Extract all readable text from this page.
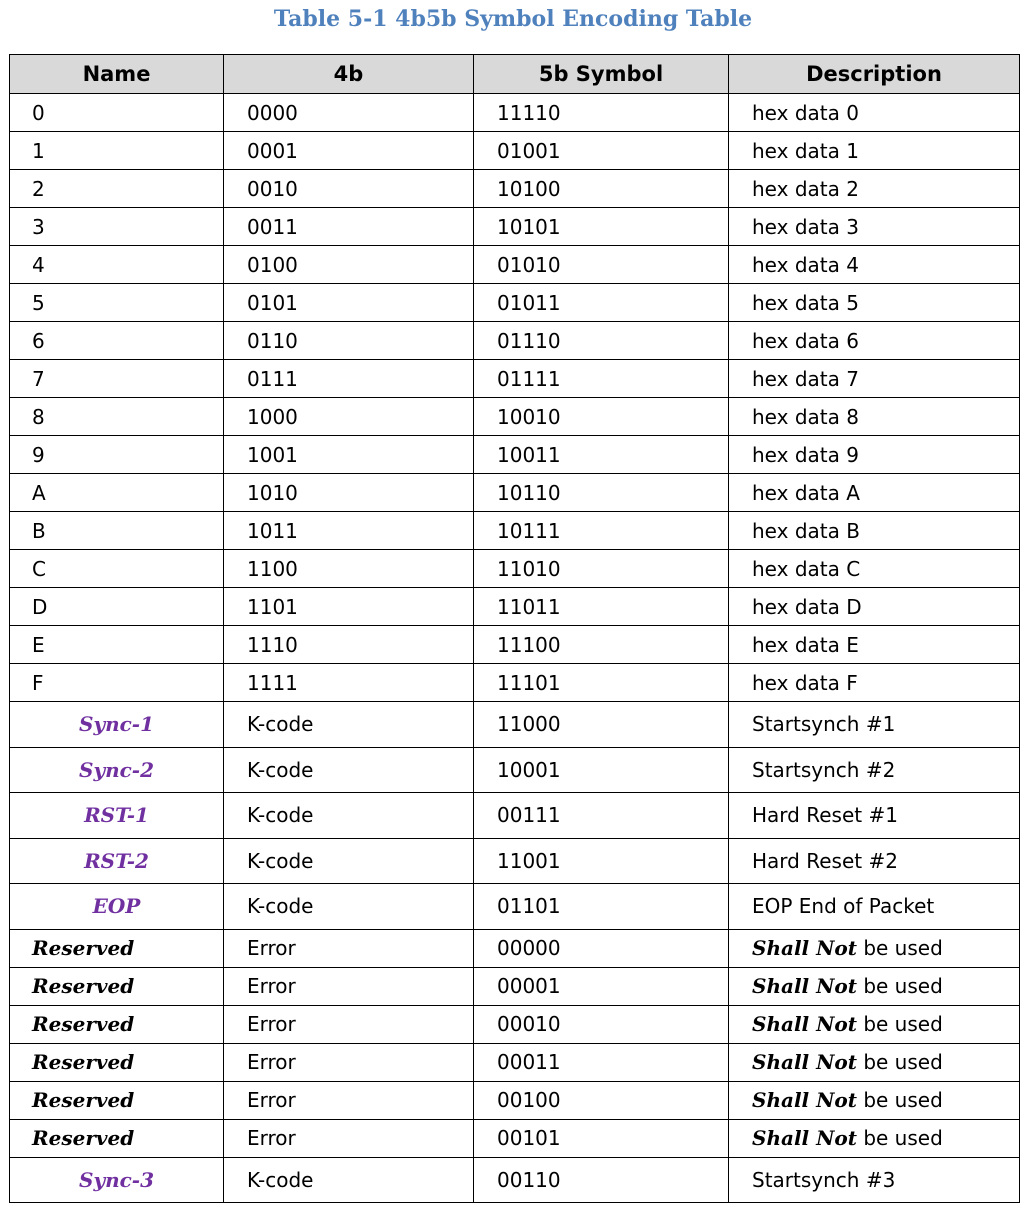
Table 5-1 4b5b Symbol Encoding Table
Name	4b	5b Symbol	Description
0	0000	11110	hex data 0
1	0001	01001	hex data 1
2	0010	10100	hex data 2
3	0011	10101	hex data 3
4	0100	01010	hex data 4
5	0101	01011	hex data 5
6	0110	01110	hex data 6
7	0111	01111	hex data 7
8	1000	10010	hex data 8
9	1001	10011	hex data 9
A	1010	10110	hex data A
B	1011	10111	hex data B
C	1100	11010	hex data C
D	1101	11011	hex data D
E	1110	11100	hex data E
F	1111	11101	hex data F
Sync-1	K-code	11000	Startsynch #1
Sync-2	K-code	10001	Startsynch #2
RST-1	K-code	00111	Hard Reset #1
RST-2	K-code	11001	Hard Reset #2
EOP	K-code	01101	EOP End of Packet
Reserved	Error	00000	Shall Not be used
Reserved	Error	00001	Shall Not be used
Reserved	Error	00010	Shall Not be used
Reserved	Error	00011	Shall Not be used
Reserved	Error	00100	Shall Not be used
Reserved	Error	00101	Shall Not be used
Sync-3	K-code	00110	Startsynch #3
